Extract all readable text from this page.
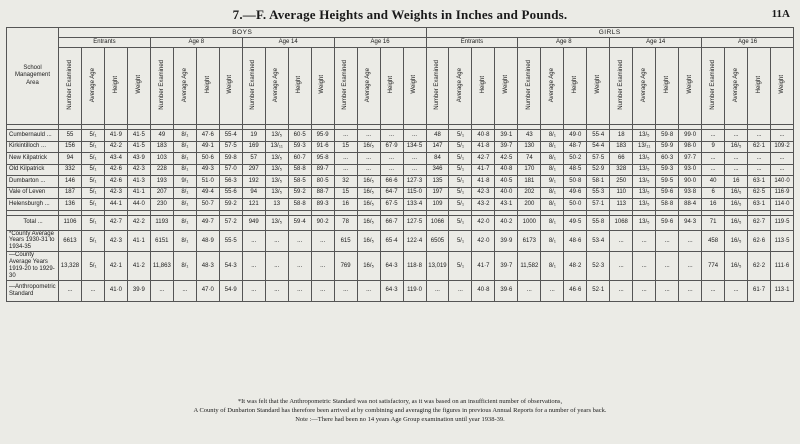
7.—F. Average Heights and Weights in Inches and Pounds.	11A
School Management Area	BOYS																GIRLS															
	Entrants				Age 8				Age 14				Age 16				Entrants				Age 8				Age 14				Age 16			
	Number Examined	Average Age	Height	Weight	Number Examined	Average Age	Height	Weight	Number Examined	Average Age	Height	Weight	Number Examined	Average Age	Height	Weight	Number Examined	Average Age	Height	Weight	Number Examined	Average Age	Height	Weight	Number Examined	Average Age	Height	Weight	Number Examined	Average Age	Height	Weight

Cumbernauld ...	55	5/₁	41·9	41·5	49	8/₁	47·6	55·4	19	13/₅	60·5	95·9	...	...	...	...	48	5/₁	40·8	39·1	43	8/₁	49·0	55·4	18	13/₅	59·8	99·0	...	...	...	...
Kirkintilloch ...	156	5/₁	42·2	41·5	183	8/₁	49·1	57·5	169	13/₁₁	59·3	91·6	15	16/₅	67·9	134·5	147	5/₁	41·8	39·7	130	8/₁	48·7	54·4	183	13/₁₁	59·9	98·0	9	16/₅	62·1	109·2
New Kilpatrick	94	5/₁	43·4	43·9	103	8/₁	50·6	59·8	57	13/₅	60·7	95·8	...	...	...	...	84	5/₁	42·7	42·5	74	8/₁	50·2	57·5	66	13/₅	60·3	97·7	...	...	...	...
Old Kilpatrick	332	5/₁	42·6	42·3	228	8/₁	49·3	57·0	297	13/₅	58·8	89·7	...	...	...	...	346	5/₁	41·7	40·8	170	8/₁	48·5	52·9	328	13/₅	59·3	93·0	...	...	...	...
Dumbarton ...	146	5/₁	42·6	41·3	193	9/₁	51·0	56·3	192	13/₅	58·5	80·5	32	16/₅	66·6	127·3	135	5/₁	41·8	40·5	181	9/₁	50·8	58·1	250	13/₅	59·5	90·0	40	16	63·1	140·0
Vale of Leven	187	5/₁	42·3	41·1	207	8/₁	49·4	55·6	94	13/₅	59·2	88·7	15	16/₅	64·7	115·0	197	5/₁	42·3	40·0	202	8/₁	49·6	55·3	110	13/₅	59·6	93·8	6	16/₅	62·5	116·9
Helensburgh ...	136	5/₁	44·1	44·0	230	8/₁	50·7	59·2	121	13	58·8	89·3	16	16/₅	67·5	133·4	109	5/₁	43·2	43·1	200	8/₁	50·0	57·1	113	13/₅	58·8	88·4	16	16/₅	63·1	114·0

Total ...	1106	5/₁	42·7	42·2	1193	8/₁	49·7	57·2	949	13/₅	59·4	90·2	78	16/₅	66·7	127·5	1066	5/₁	42·0	40·2	1000	8/₁	49·5	55·8	1068	13/₅	59·6	94·3	71	16/₅	62·7	119·5
*County Average Years 1930-31 to 1934-35	6613	5/₁	42·3	41·1	6151	8/₁	48·9	55·5	...	...	...	...	615	16/₅	65·4	122·4	6505	5/₁	42·0	39·9	6173	8/₁	48·6	53·4	...	...	...	...	458	16/₅	62·6	113·5
—County Average Years 1919-20 to 1929-30	13,328	5/₁	42·1	41·2	11,863	8/₁	48·3	54·3	...	...	...	...	769	16/₅	64·3	118·8	13,019	5/₁	41·7	39·7	11,582	8/₁	48·2	52·3	...	...	...	...	774	16/₅	62·2	111·6
—Anthropometric Standard	...	...	41·0	39·9	...	...	47·0	54·9	...	...	...	...	...	...	64·3	119·0	...	...	40·8	39·6	...	...	46·6	52·1	...	...	...	...	...	...	61·7	113·1
*It was felt that the Anthropometric Standard was not satisfactory, as it was based on an insufficient number of observations,
A County of Dunbarton Standard has therefore been arrived at by combining and averaging the figures in previous Annual Reports for a number of years back.
Note :—There had been no 14 years Age Group examination until year 1938-39.
